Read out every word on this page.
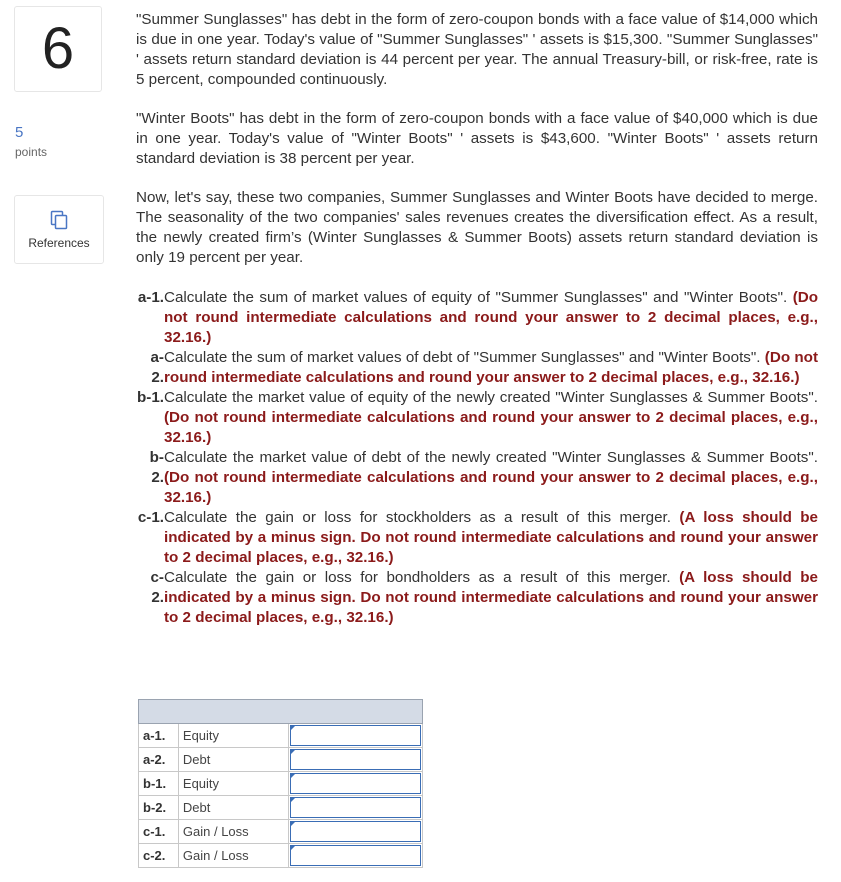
6
5
points
References

"Summer Sunglasses" has debt in the form of zero-coupon bonds with a face value of $14,000 which is due in one year. Today's value of "Summer Sunglasses" ' assets is $15,300. "Summer Sunglasses" ' assets return standard deviation is 44 percent per year. The annual Treasury-bill, or risk-free, rate is 5 percent, compounded continuously.

"Winter Boots" has debt in the form of zero-coupon bonds with a face value of $40,000 which is due in one year. Today's value of "Winter Boots" ' assets is $43,600. "Winter Boots" ' assets return standard deviation is 38 percent per year.

Now, let's say, these two companies, Summer Sunglasses and Winter Boots have decided to merge. The seasonality of the two companies' sales revenues creates the diversification effect. As a result, the newly created firm’s (Winter Sunglasses & Summer Boots) assets return standard deviation is only 19 percent per year.

a-1. Calculate the sum of market values of equity of "Summer Sunglasses" and "Winter Boots". (Do not round intermediate calculations and round your answer to 2 decimal places, e.g., 32.16.)
a-
2.
Calculate the sum of market values of debt of "Summer Sunglasses" and "Winter Boots". (Do not round intermediate calculations and round your answer to 2 decimal places, e.g., 32.16.)
b-1. Calculate the market value of equity of the newly created "Winter Sunglasses & Summer Boots". (Do not round intermediate calculations and round your answer to 2 decimal places, e.g., 32.16.)
b-
2.
Calculate the market value of debt of the newly created "Winter Sunglasses & Summer Boots". (Do not round intermediate calculations and round your answer to 2 decimal places, e.g., 32.16.)
c-1. Calculate the gain or loss for stockholders as a result of this merger. (A loss should be indicated by a minus sign. Do not round intermediate calculations and round your answer to 2 decimal places, e.g., 32.16.)
c-
2.
Calculate the gain or loss for bondholders as a result of this merger. (A loss should be indicated by a minus sign. Do not round intermediate calculations and round your answer to 2 decimal places, e.g., 32.16.)

a-1.	Equity	

a-2.	Debt	

b-1.	Equity	

b-2.	Debt	

c-1.	Gain / Loss	

c-2.	Gain / Loss	
